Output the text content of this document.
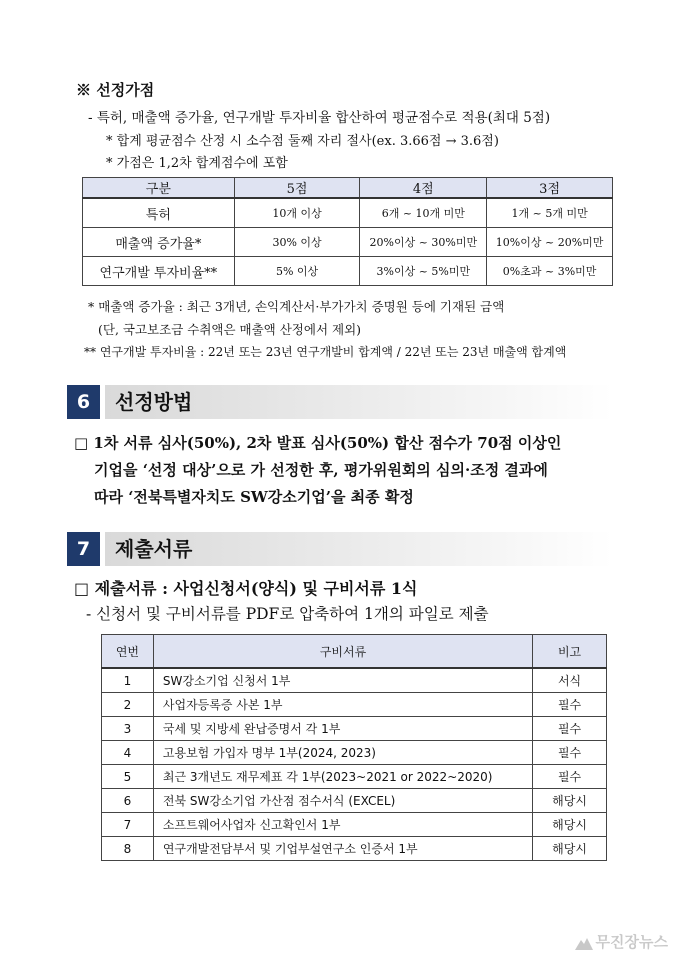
※ 선정가점
- 특허, 매출액 증가율, 연구개발 투자비율 합산하여 평균점수로 적용(최대 5점)
* 합계 평균점수 산정 시 소수점 둘째 자리 절사(ex. 3.66점 → 3.6점)
* 가점은 1,2차 합계점수에 포함
구분	5점	4점	3점
특허	10개 이상	6개 ~ 10개 미만	1개 ~ 5개 미만
매출액 증가율*	30% 이상	20%이상 ~ 30%미만	10%이상 ~ 20%미만
연구개발 투자비율**	5% 이상	3%이상 ~ 5%미만	0%초과 ~ 3%미만
* 매출액 증가율 : 최근 3개년, 손익계산서·부가가치 증명원 등에 기재된 금액
(단, 국고보조금 수취액은 매출액 산정에서 제외)
** 연구개발 투자비율 : 22년 또는 23년 연구개발비 합계액 / 22년 또는 23년 매출액 합계액
6	선정방법
□ 1차 서류 심사(50%), 2차 발표 심사(50%) 합산 점수가 70점 이상인
기업을 ‘선정 대상’으로 가 선정한 후, 평가위원회의 심의·조정 결과에
따라 ‘전북특별자치도 SW강소기업’을 최종 확정
7	제출서류
□ 제출서류 : 사업신청서(양식) 및 구비서류 1식
- 신청서 및 구비서류를 PDF로 압축하여 1개의 파일로 제출
연번	구비서류	비고
1	SW강소기업 신청서 1부	서식
2	사업자등록증 사본 1부	필수
3	국세 및 지방세 완납증명서 각 1부	필수
4	고용보험 가입자 명부 1부(2024, 2023)	필수
5	최근 3개년도 재무제표 각 1부(2023~2021 or 2022~2020)	필수
6	전북 SW강소기업 가산점 점수서식 (EXCEL)	해당시
7	소프트웨어사업자 신고확인서 1부	해당시
8	연구개발전담부서 및 기업부설연구소 인증서 1부	해당시
무진장뉴스
